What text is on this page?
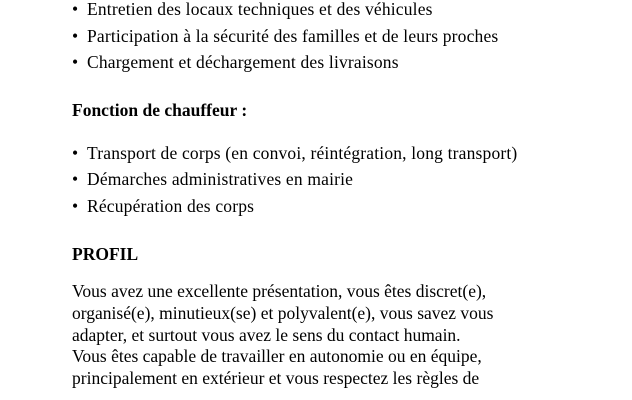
• Entretien des locaux techniques et des véhicules
• Participation à la sécurité des familles et de leurs proches
• Chargement et déchargement des livraisons
Fonction de chauffeur :
• Transport de corps (en convoi, réintégration, long transport)
• Démarches administratives en mairie
• Récupération des corps
PROFIL
Vous avez une excellente présentation, vous êtes discret(e),
organisé(e), minutieux(se) et polyvalent(e), vous savez vous
adapter, et surtout vous avez le sens du contact humain.
Vous êtes capable de travailler en autonomie ou en équipe,
principalement en extérieur et vous respectez les règles de
